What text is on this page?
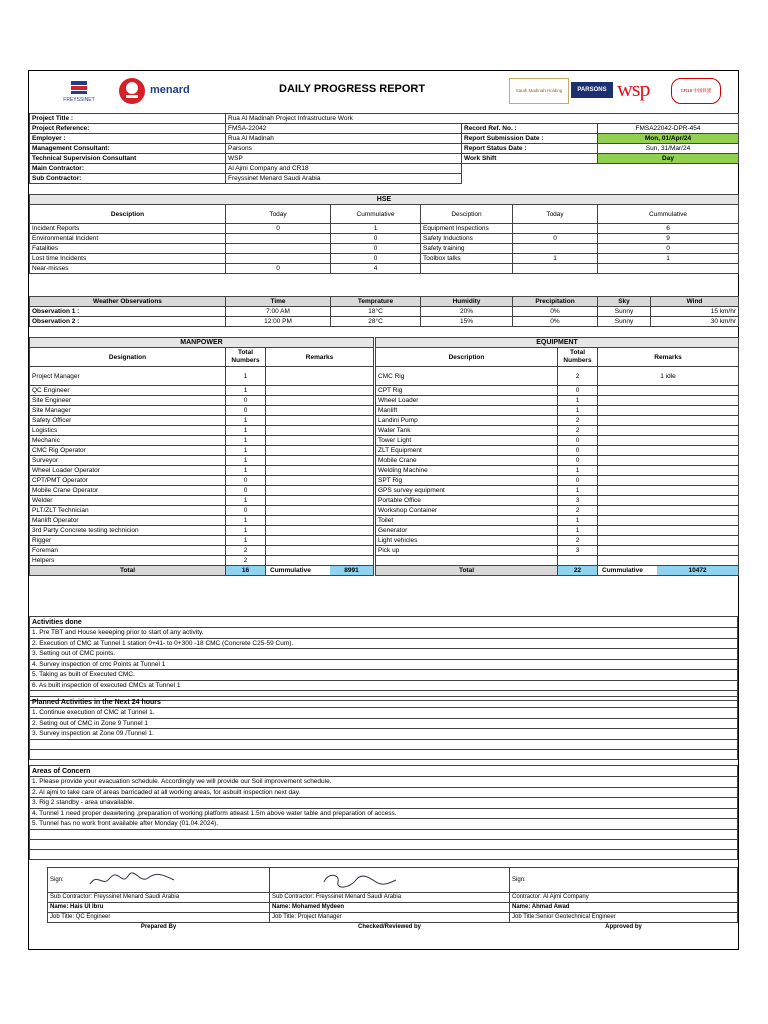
FREYSSINET
menard	DAILY PROGRESS REPORT	Saudi Madinah Holding	PARSONS wsp	CR18 中国铁建
Project Title :	Rua Al Madinah Project Infrastructure Work		
Project Reference:	FMSA-22042	Record Ref. No. :	FMSA22042-DPR-454
Employer :	Rua Al Madinah	Report Submission Date :	Mon, 01/Apr/24
Management Consultant:	Parsons	Report Status Date :	Sun, 31/Mar/24
Technical Supervision Consultant	WSP	Work Shift	Day
Main Contractor:	Al Ajmi Company and CR18		
Sub Contractor:	Freyssinet Menard Saudi Arabia		
HSE					
Desciption	Today	Cummulative	Desciption	Today	Cummulative
Incident Reports	0	1	Equipment Inspections		6
Environmental Incident		0	Safety Inductions	0	9
Fatalities		0	Safety training		0
Lost time Incidents		0	Toolbox talks	1	1
Near-misses	0	4			
Weather Observations	Time	Temprature	Humidity	Precipitation	Sky	Wind
Observation 1 :	7:00 AM	18°C	20%	0%	Sunny	15 km/hr
Observation 2 :	12:00 PM	28°C	15%	0%	Sunny	30 km/hr
MANPOWER				EQUIPMENT		
Designation	Total Numbers	Remarks		Description	Total Numbers	Remarks
Project Manager	1			CMC Rig	2	1 idle
QC Engineer	1			CPT Rig	0	
Site Engineer	0			Wheel Loader	1	
Site Manager	0			Manlift	1	
Safety Officer	1			Landini Pump	2	
Logistics	1			Water Tank	2	
Mechanic	1			Tower Light	0	
CMC Rig Operator	1			ZLT Equipment	0	
Surveyor	1			Mobile Crane	0	
Wheel Loader Operator	1			Welding Machine	1	
CPT/PMT Operator	0			SPT Rig	0	
Mobile Crane Operator	0			GPS survey equipment	1	
Welder	1			Portable Office	3	
PLT/ZLT Technician	0			Workshop Container	2	
Manlift Operator	1			Toilet	1	
3rd Party Concrete testing technicion	1			Generator	1	
Rigger	1			Light vehicles	2	
Foreman	2			Pick up	3	
Helpers	2					
Total	16	Cummulative 8991		Total	22	Cummulative 10472
Activities done
1. Pre TBT and House keeeping prior to start of any activity.
2. Execution of CMC at Tunnel 1 station 0+41- to 0+300 -18 CMC (Concrete C25-59 Cum).
3. Setting out of CMC points.
4. Survey inspection of cmc Points at Tunnel 1
5. Taking as built of Executed CMC.
6. As built inspection of executed CMCs at Tunnel 1

Planned Activities in the Next 24 hours
1. Continue execution of CMC at Tunnel 1.
2. Seting out of CMC in Zone 9 Tunnel 1
3. Survey inspection at Zone 09 /Tunnel 1.

Areas of Concern
1. Please provide your evacuation schedule. Accordingly we will provide our Soil improvement schedule.
2. Al ajmi to take care of areas barricaded at all working areas, for asbuilt inspection next day.
3. Rig 2 standby - area unavailable.
4. Tunnel 1 need proper deawtering ,preparation of working platform atleast 1.5m above water table and preparation of access.
5. Tunnel has no work front available after Monday (01.04.2024).

Sign:		Sign:
Sub Contractor: Freyssinet Menard Saudi Arabia	Sub Contractor: Freyssinet Menard Saudi Arabia	Contractor: Al Ajmi Company
Name: Hais Ul Ibru	Name: Mohamed Mydeen	Name: Ahmad Awad
Job Title: QC Engineer	Job Title: Project Manager	Job Title:Senior Geotechnical Engineer
Prepared By	Checked/Reviewed by	Approved by
